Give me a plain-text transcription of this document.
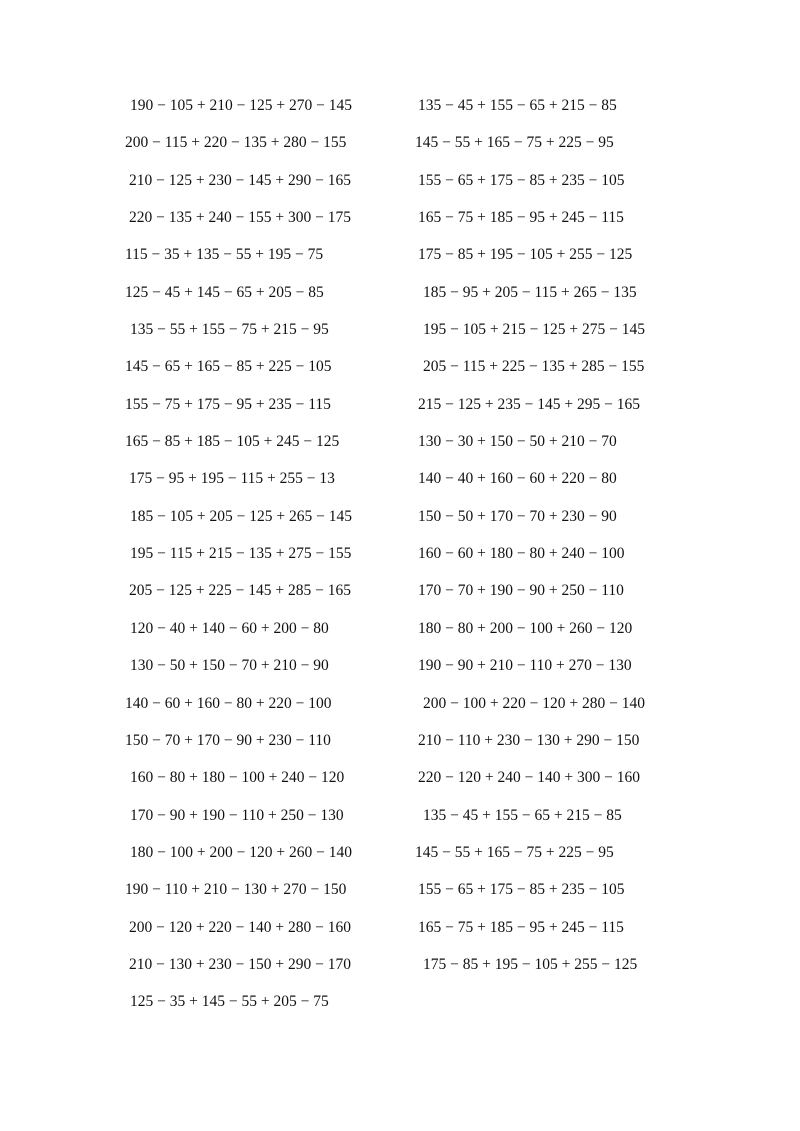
190 − 105 + 210 − 125 + 270 − 145
200 − 115 + 220 − 135 + 280 − 155
210 − 125 + 230 − 145 + 290 − 165
220 − 135 + 240 − 155 + 300 − 175
115 − 35 + 135 − 55 + 195 − 75
125 − 45 + 145 − 65 + 205 − 85
135 − 55 + 155 − 75 + 215 − 95
145 − 65 + 165 − 85 + 225 − 105
155 − 75 + 175 − 95 + 235 − 115
165 − 85 + 185 − 105 + 245 − 125
175 − 95 + 195 − 115 + 255 − 13
185 − 105 + 205 − 125 + 265 − 145
195 − 115 + 215 − 135 + 275 − 155
205 − 125 + 225 − 145 + 285 − 165
120 − 40 + 140 − 60 + 200 − 80
130 − 50 + 150 − 70 + 210 − 90
140 − 60 + 160 − 80 + 220 − 100
150 − 70 + 170 − 90 + 230 − 110
160 − 80 + 180 − 100 + 240 − 120
170 − 90 + 190 − 110 + 250 − 130
180 − 100 + 200 − 120 + 260 − 140
190 − 110 + 210 − 130 + 270 − 150
200 − 120 + 220 − 140 + 280 − 160
210 − 130 + 230 − 150 + 290 − 170
125 − 35 + 145 − 55 + 205 − 75
135 − 45 + 155 − 65 + 215 − 85
145 − 55 + 165 − 75 + 225 − 95
155 − 65 + 175 − 85 + 235 − 105
165 − 75 + 185 − 95 + 245 − 115
175 − 85 + 195 − 105 + 255 − 125
185 − 95 + 205 − 115 + 265 − 135
195 − 105 + 215 − 125 + 275 − 145
205 − 115 + 225 − 135 + 285 − 155
215 − 125 + 235 − 145 + 295 − 165
130 − 30 + 150 − 50 + 210 − 70
140 − 40 + 160 − 60 + 220 − 80
150 − 50 + 170 − 70 + 230 − 90
160 − 60 + 180 − 80 + 240 − 100
170 − 70 + 190 − 90 + 250 − 110
180 − 80 + 200 − 100 + 260 − 120
190 − 90 + 210 − 110 + 270 − 130
200 − 100 + 220 − 120 + 280 − 140
210 − 110 + 230 − 130 + 290 − 150
220 − 120 + 240 − 140 + 300 − 160
135 − 45 + 155 − 65 + 215 − 85
145 − 55 + 165 − 75 + 225 − 95
155 − 65 + 175 − 85 + 235 − 105
165 − 75 + 185 − 95 + 245 − 115
175 − 85 + 195 − 105 + 255 − 125
